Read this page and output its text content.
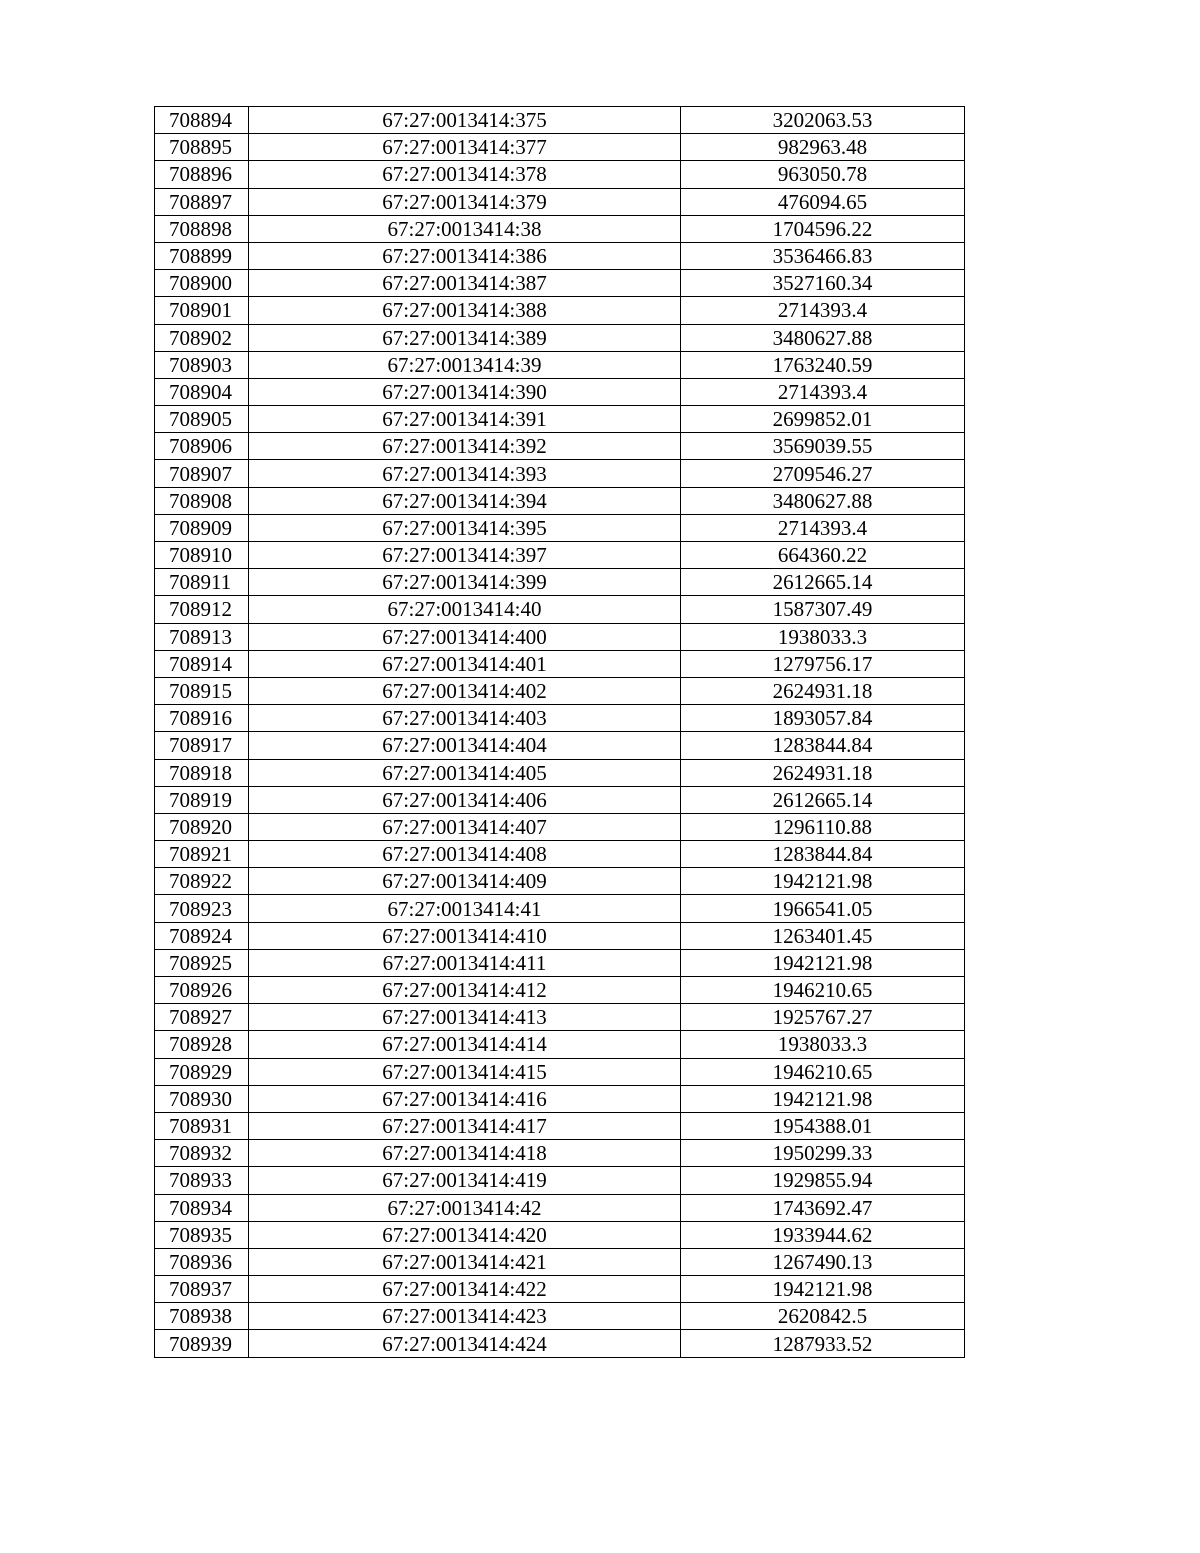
708894	67:27:0013414:375	3202063.53
708895	67:27:0013414:377	982963.48
708896	67:27:0013414:378	963050.78
708897	67:27:0013414:379	476094.65
708898	67:27:0013414:38	1704596.22
708899	67:27:0013414:386	3536466.83
708900	67:27:0013414:387	3527160.34
708901	67:27:0013414:388	2714393.4
708902	67:27:0013414:389	3480627.88
708903	67:27:0013414:39	1763240.59
708904	67:27:0013414:390	2714393.4
708905	67:27:0013414:391	2699852.01
708906	67:27:0013414:392	3569039.55
708907	67:27:0013414:393	2709546.27
708908	67:27:0013414:394	3480627.88
708909	67:27:0013414:395	2714393.4
708910	67:27:0013414:397	664360.22
708911	67:27:0013414:399	2612665.14
708912	67:27:0013414:40	1587307.49
708913	67:27:0013414:400	1938033.3
708914	67:27:0013414:401	1279756.17
708915	67:27:0013414:402	2624931.18
708916	67:27:0013414:403	1893057.84
708917	67:27:0013414:404	1283844.84
708918	67:27:0013414:405	2624931.18
708919	67:27:0013414:406	2612665.14
708920	67:27:0013414:407	1296110.88
708921	67:27:0013414:408	1283844.84
708922	67:27:0013414:409	1942121.98
708923	67:27:0013414:41	1966541.05
708924	67:27:0013414:410	1263401.45
708925	67:27:0013414:411	1942121.98
708926	67:27:0013414:412	1946210.65
708927	67:27:0013414:413	1925767.27
708928	67:27:0013414:414	1938033.3
708929	67:27:0013414:415	1946210.65
708930	67:27:0013414:416	1942121.98
708931	67:27:0013414:417	1954388.01
708932	67:27:0013414:418	1950299.33
708933	67:27:0013414:419	1929855.94
708934	67:27:0013414:42	1743692.47
708935	67:27:0013414:420	1933944.62
708936	67:27:0013414:421	1267490.13
708937	67:27:0013414:422	1942121.98
708938	67:27:0013414:423	2620842.5
708939	67:27:0013414:424	1287933.52
